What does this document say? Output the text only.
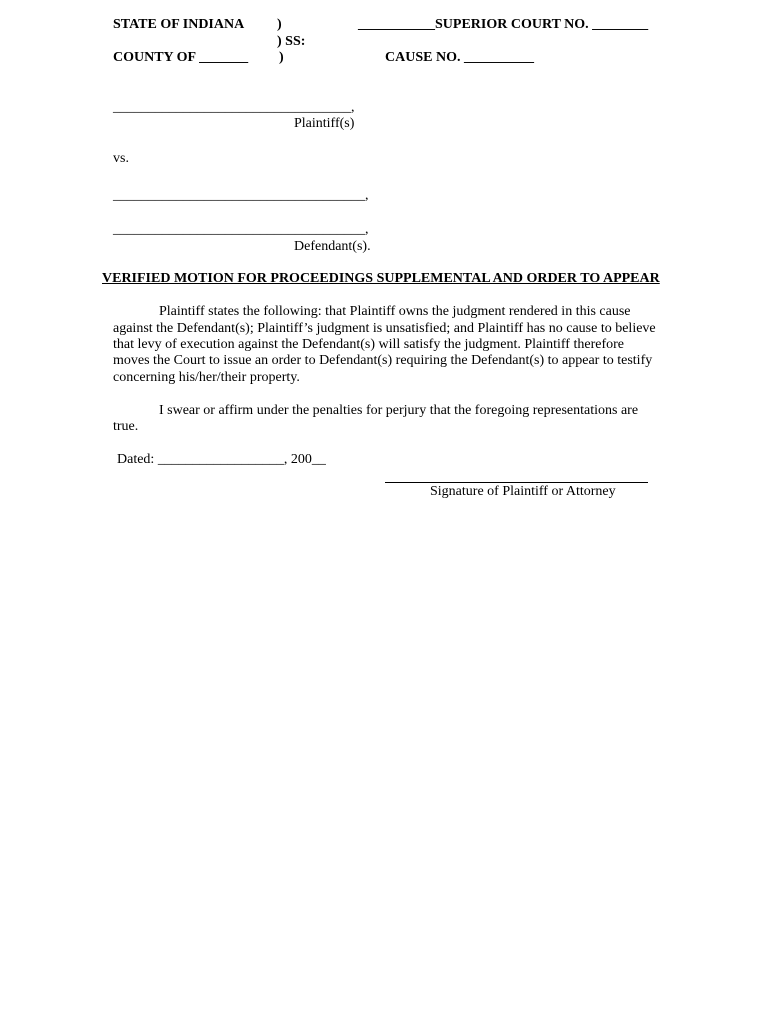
STATE OF INDIANA )	___________SUPERIOR COURT NO. ________
) SS:
COUNTY OF _______ )	CAUSE NO. __________
__________________________________,
Plaintiff(s)
vs.
____________________________________,
____________________________________,
Defendant(s).
VERIFIED MOTION FOR PROCEEDINGS SUPPLEMENTAL AND ORDER TO APPEAR
Plaintiff states the following: that Plaintiff owns the judgment rendered in this cause
against the Defendant(s); Plaintiff’s judgment is unsatisfied; and Plaintiff has no cause to believe
that levy of execution against the Defendant(s) will satisfy the judgment. Plaintiff therefore
moves the Court to issue an order to Defendant(s) requiring the Defendant(s) to appear to testify
concerning his/her/their property.
I swear or affirm under the penalties for perjury that the foregoing representations are
true.
Dated: __________________, 200__
Signature of Plaintiff or Attorney
